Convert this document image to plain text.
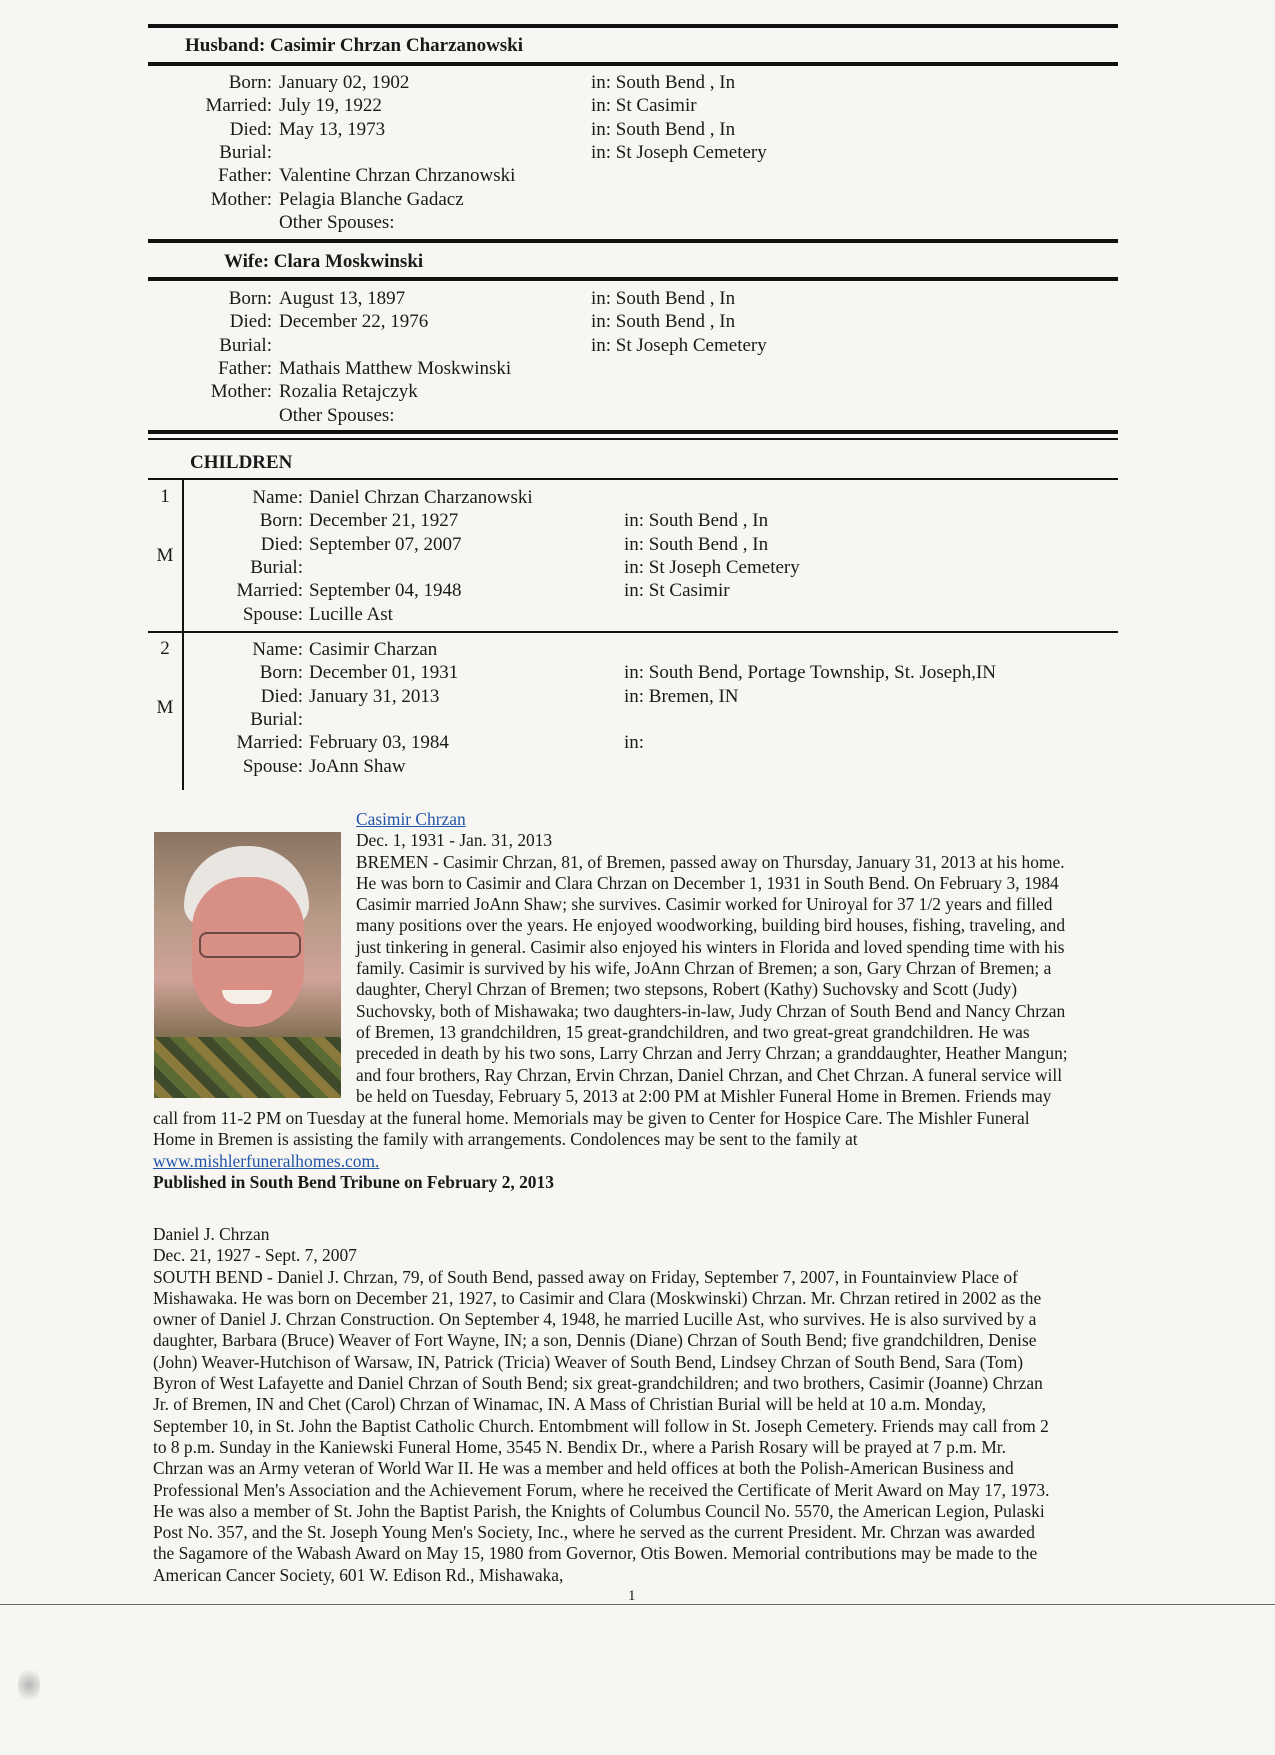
Husband: Casimir Chrzan Charzanowski
Born: January 02, 1902	in: South Bend , In
Married: July 19, 1922	in: St Casimir
Died: May 13, 1973	in: South Bend , In
Burial:	in: St Joseph Cemetery
Father: Valentine Chrzan Chrzanowski
Mother: Pelagia Blanche Gadacz
Other Spouses:
Wife: Clara Moskwinski
Born: August 13, 1897	in: South Bend , In
Died: December 22, 1976	in: South Bend , In
Burial:	in: St Joseph Cemetery
Father: Mathais Matthew Moskwinski
Mother: Rozalia Retajczyk
Other Spouses:
CHILDREN
1
M
Name: Daniel Chrzan Charzanowski
Born: December 21, 1927	in: South Bend , In
Died: September 07, 2007	in: South Bend , In
Burial:	in: St Joseph Cemetery
Married: September 04, 1948	in: St Casimir
Spouse: Lucille Ast
2
M
Name: Casimir Charzan
Born: December 01, 1931	in: South Bend, Portage Township, St. Joseph,IN
Died: January 31, 2013	in: Bremen, IN
Burial:
Married: February 03, 1984	in:
Spouse: JoAnn Shaw

Casimir Chrzan

Dec. 1, 1931 - Jan. 31, 2013

BREMEN - Casimir Chrzan, 81, of Bremen, passed away on Thursday, January 31, 2013 at his home.

He was born to Casimir and Clara Chrzan on December 1, 1931 in South Bend. On February 3, 1984

Casimir married JoAnn Shaw; she survives. Casimir worked for Uniroyal for 37 1/2 years and filled

many positions over the years. He enjoyed woodworking, building bird houses, fishing, traveling, and

just tinkering in general. Casimir also enjoyed his winters in Florida and loved spending time with his

family. Casimir is survived by his wife, JoAnn Chrzan of Bremen; a son, Gary Chrzan of Bremen; a

daughter, Cheryl Chrzan of Bremen; two stepsons, Robert (Kathy) Suchovsky and Scott (Judy)

Suchovsky, both of Mishawaka; two daughters-in-law, Judy Chrzan of South Bend and Nancy Chrzan

of Bremen, 13 grandchildren, 15 great-grandchildren, and two great-great grandchildren. He was

preceded in death by his two sons, Larry Chrzan and Jerry Chrzan; a granddaughter, Heather Mangun;

and four brothers, Ray Chrzan, Ervin Chrzan, Daniel Chrzan, and Chet Chrzan. A funeral service will

be held on Tuesday, February 5, 2013 at 2:00 PM at Mishler Funeral Home in Bremen. Friends may

call from 11-2 PM on Tuesday at the funeral home. Memorials may be given to Center for Hospice Care. The Mishler Funeral

Home in Bremen is assisting the family with arrangements. Condolences may be sent to the family at

www.mishlerfuneralhomes.com.

Published in South Bend Tribune on February 2, 2013

Daniel J. Chrzan

Dec. 21, 1927 - Sept. 7, 2007

SOUTH BEND - Daniel J. Chrzan, 79, of South Bend, passed away on Friday, September 7, 2007, in Fountainview Place of

Mishawaka. He was born on December 21, 1927, to Casimir and Clara (Moskwinski) Chrzan. Mr. Chrzan retired in 2002 as the

owner of Daniel J. Chrzan Construction. On September 4, 1948, he married Lucille Ast, who survives. He is also survived by a

daughter, Barbara (Bruce) Weaver of Fort Wayne, IN; a son, Dennis (Diane) Chrzan of South Bend; five grandchildren, Denise

(John) Weaver-Hutchison of Warsaw, IN, Patrick (Tricia) Weaver of South Bend, Lindsey Chrzan of South Bend, Sara (Tom)

Byron of West Lafayette and Daniel Chrzan of South Bend; six great-grandchildren; and two brothers, Casimir (Joanne) Chrzan

Jr. of Bremen, IN and Chet (Carol) Chrzan of Winamac, IN. A Mass of Christian Burial will be held at 10 a.m. Monday,

September 10, in St. John the Baptist Catholic Church. Entombment will follow in St. Joseph Cemetery. Friends may call from 2

to 8 p.m. Sunday in the Kaniewski Funeral Home, 3545 N. Bendix Dr., where a Parish Rosary will be prayed at 7 p.m. Mr.

Chrzan was an Army veteran of World War II. He was a member and held offices at both the Polish-American Business and

Professional Men's Association and the Achievement Forum, where he received the Certificate of Merit Award on May 17, 1973.

He was also a member of St. John the Baptist Parish, the Knights of Columbus Council No. 5570, the American Legion, Pulaski

Post No. 357, and the St. Joseph Young Men's Society, Inc., where he served as the current President. Mr. Chrzan was awarded

the Sagamore of the Wabash Award on May 15, 1980 from Governor, Otis Bowen. Memorial contributions may be made to the

American Cancer Society, 601 W. Edison Rd., Mishawaka,

1
